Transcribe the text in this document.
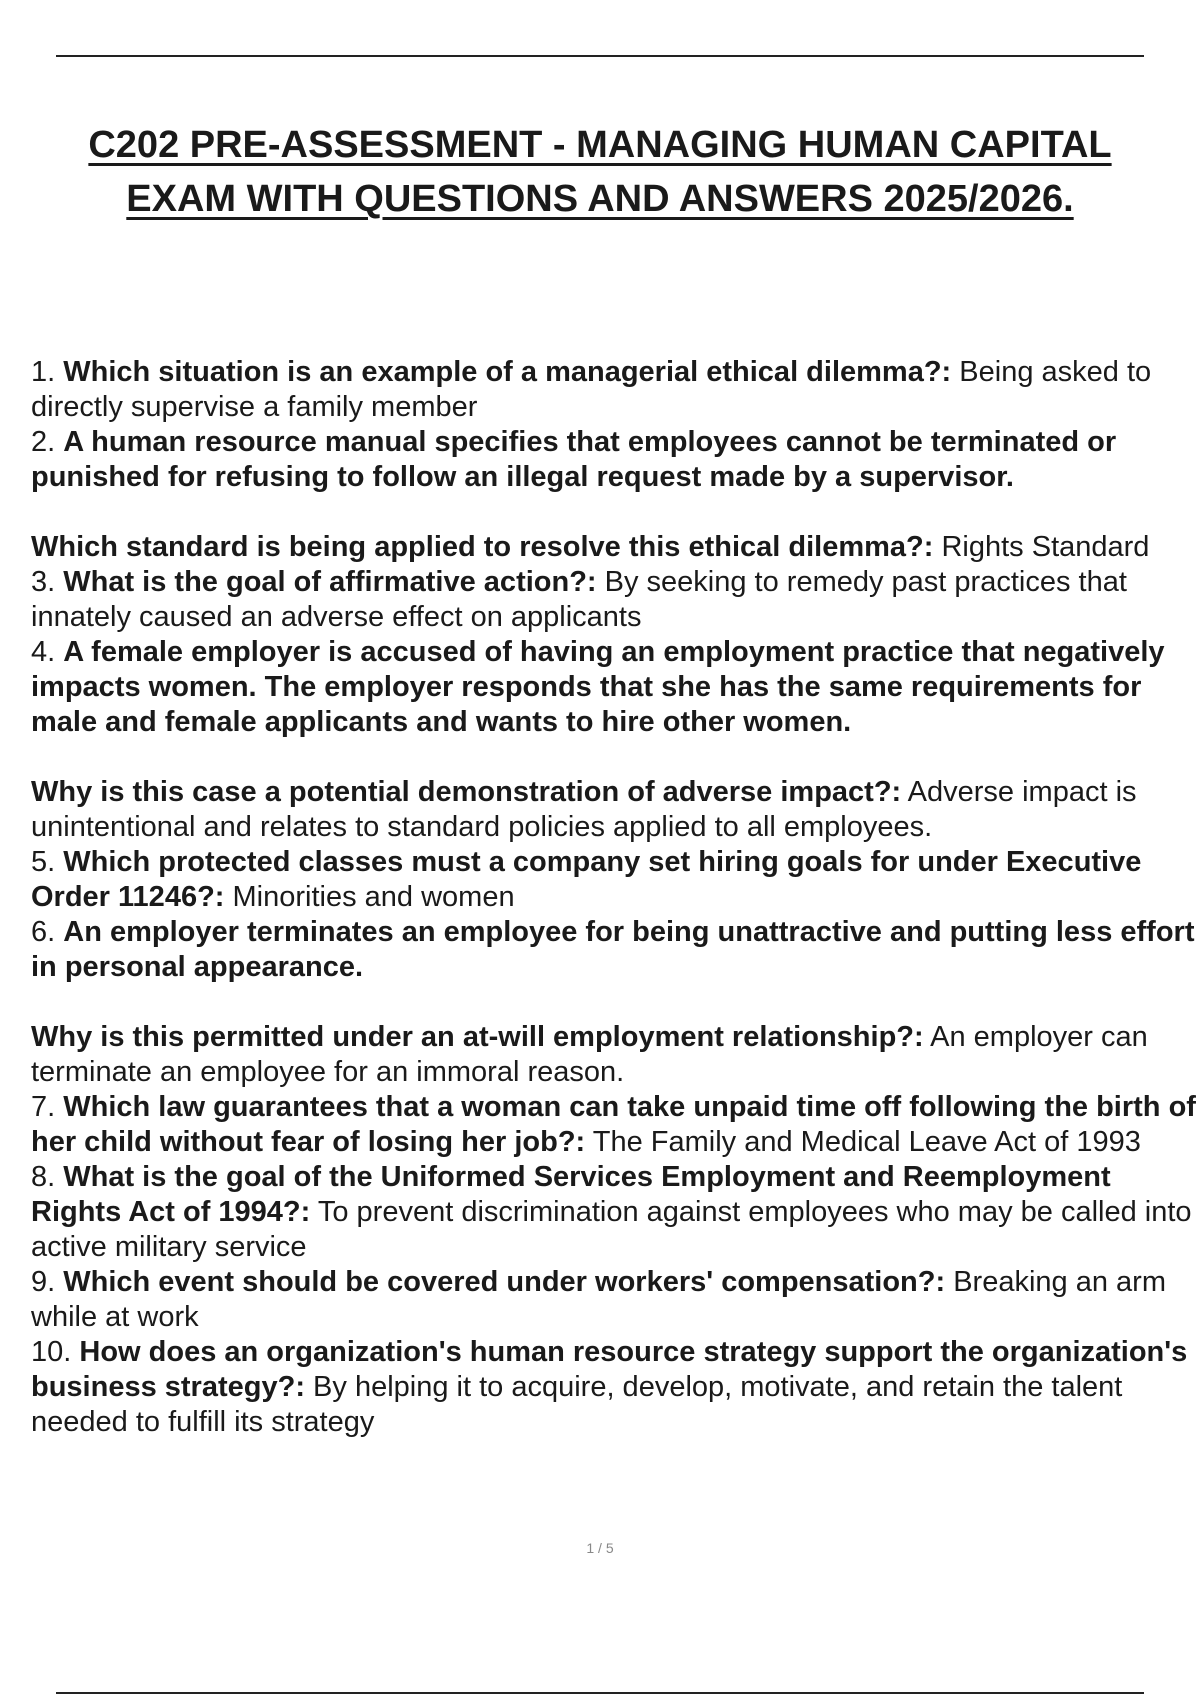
C202 PRE-ASSESSMENT - MANAGING HUMAN CAPITAL
EXAM WITH QUESTIONS AND ANSWERS 2025/2026.

1. Which situation is an example of a managerial ethical dilemma?: Being asked to directly supervise a family member

2. A human resource manual specifies that employees cannot be terminated or punished for refusing to follow an illegal request made by a supervisor.
Which standard is being applied to resolve this ethical dilemma?: Rights Standard

3. What is the goal of affirmative action?: By seeking to remedy past practices that innately caused an adverse effect on applicants

4. A female employer is accused of having an employment practice that negatively impacts women. The employer responds that she has the same requirements for male and female applicants and wants to hire other women.
Why is this case a potential demonstration of adverse impact?: Adverse impact is unintentional and relates to standard policies applied to all employees.

5. Which protected classes must a company set hiring goals for under Executive Order 11246?: Minorities and women

6. An employer terminates an employee for being unattractive and putting less effort in personal appearance.
Why is this permitted under an at-will employment relationship?: An employer can terminate an employee for an immoral reason.

7. Which law guarantees that a woman can take unpaid time off following the birth of her child without fear of losing her job?: The Family and Medical Leave Act of 1993

8. What is the goal of the Uniformed Services Employment and Reemployment Rights Act of 1994?: To prevent discrimination against employees who may be called into active military service

9. Which event should be covered under workers' compensation?: Breaking an arm while at work

10. How does an organization's human resource strategy support the organization's business strategy?: By helping it to acquire, develop, motivate, and retain the talent needed to fulfill its strategy

1 / 5
